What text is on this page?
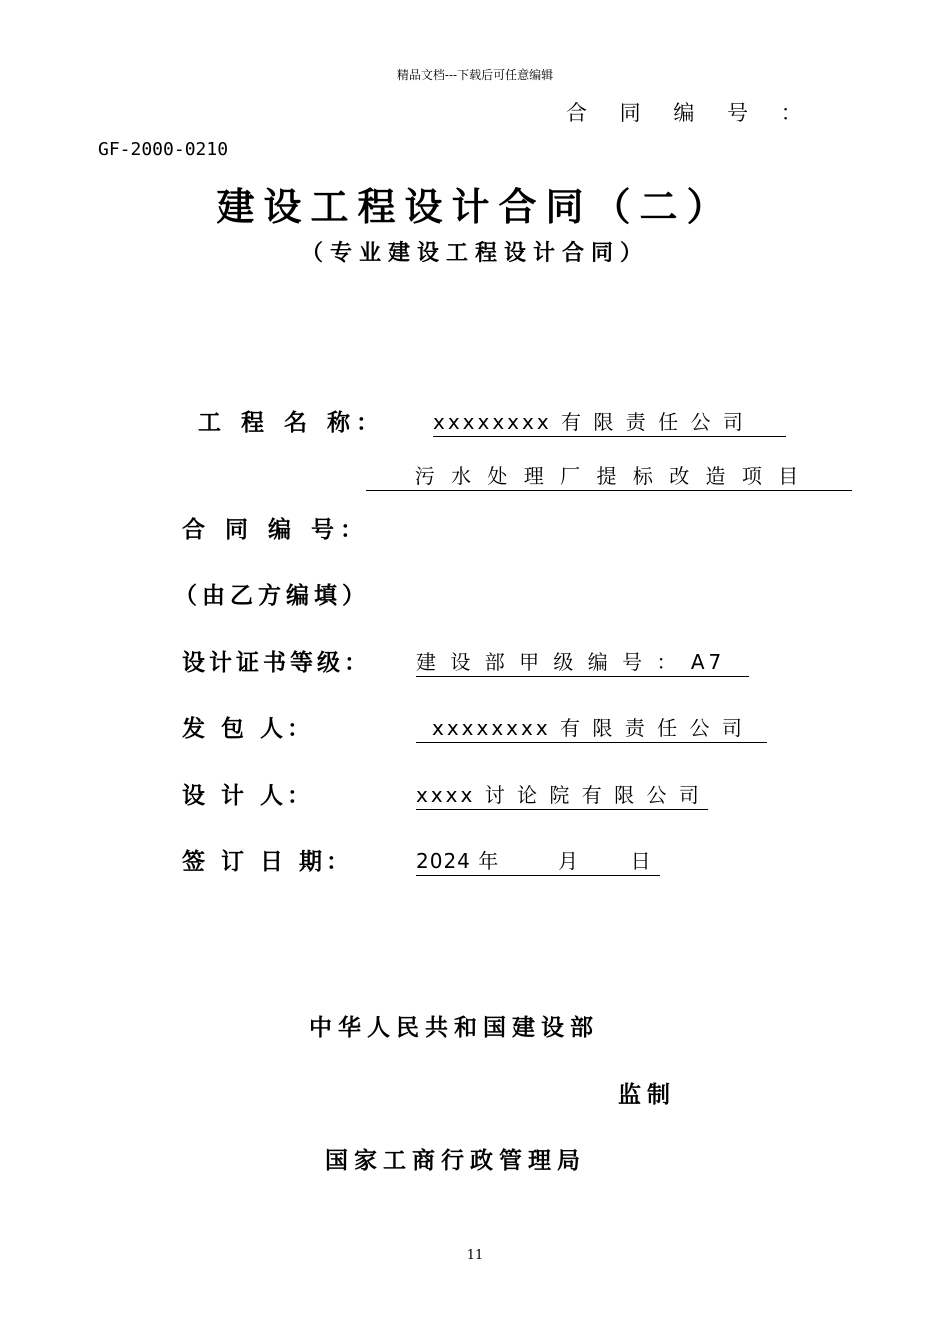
精品文档---下载后可任意编辑
合 同 编 号 ：
GF-2000-0210
建设工程设计合同（二）
（专业建设工程设计合同）
工 程 名 称： xxxxxxxx 有 限 责 任 公 司
污 水 处 理 厂 提 标 改 造 项 目
合 同 编 号：
（由乙方编填）
设计证书等级： 建 设 部 甲 级 编 号 ： A7
发 包 人：	xxxxxxxx 有 限 责 任 公 司
设 计 人：	xxxx 讨 论 院 有 限 公 司
签 订 日 期：	2024 年        月       日
中华人民共和国建设部
监制
国家工商行政管理局
11
